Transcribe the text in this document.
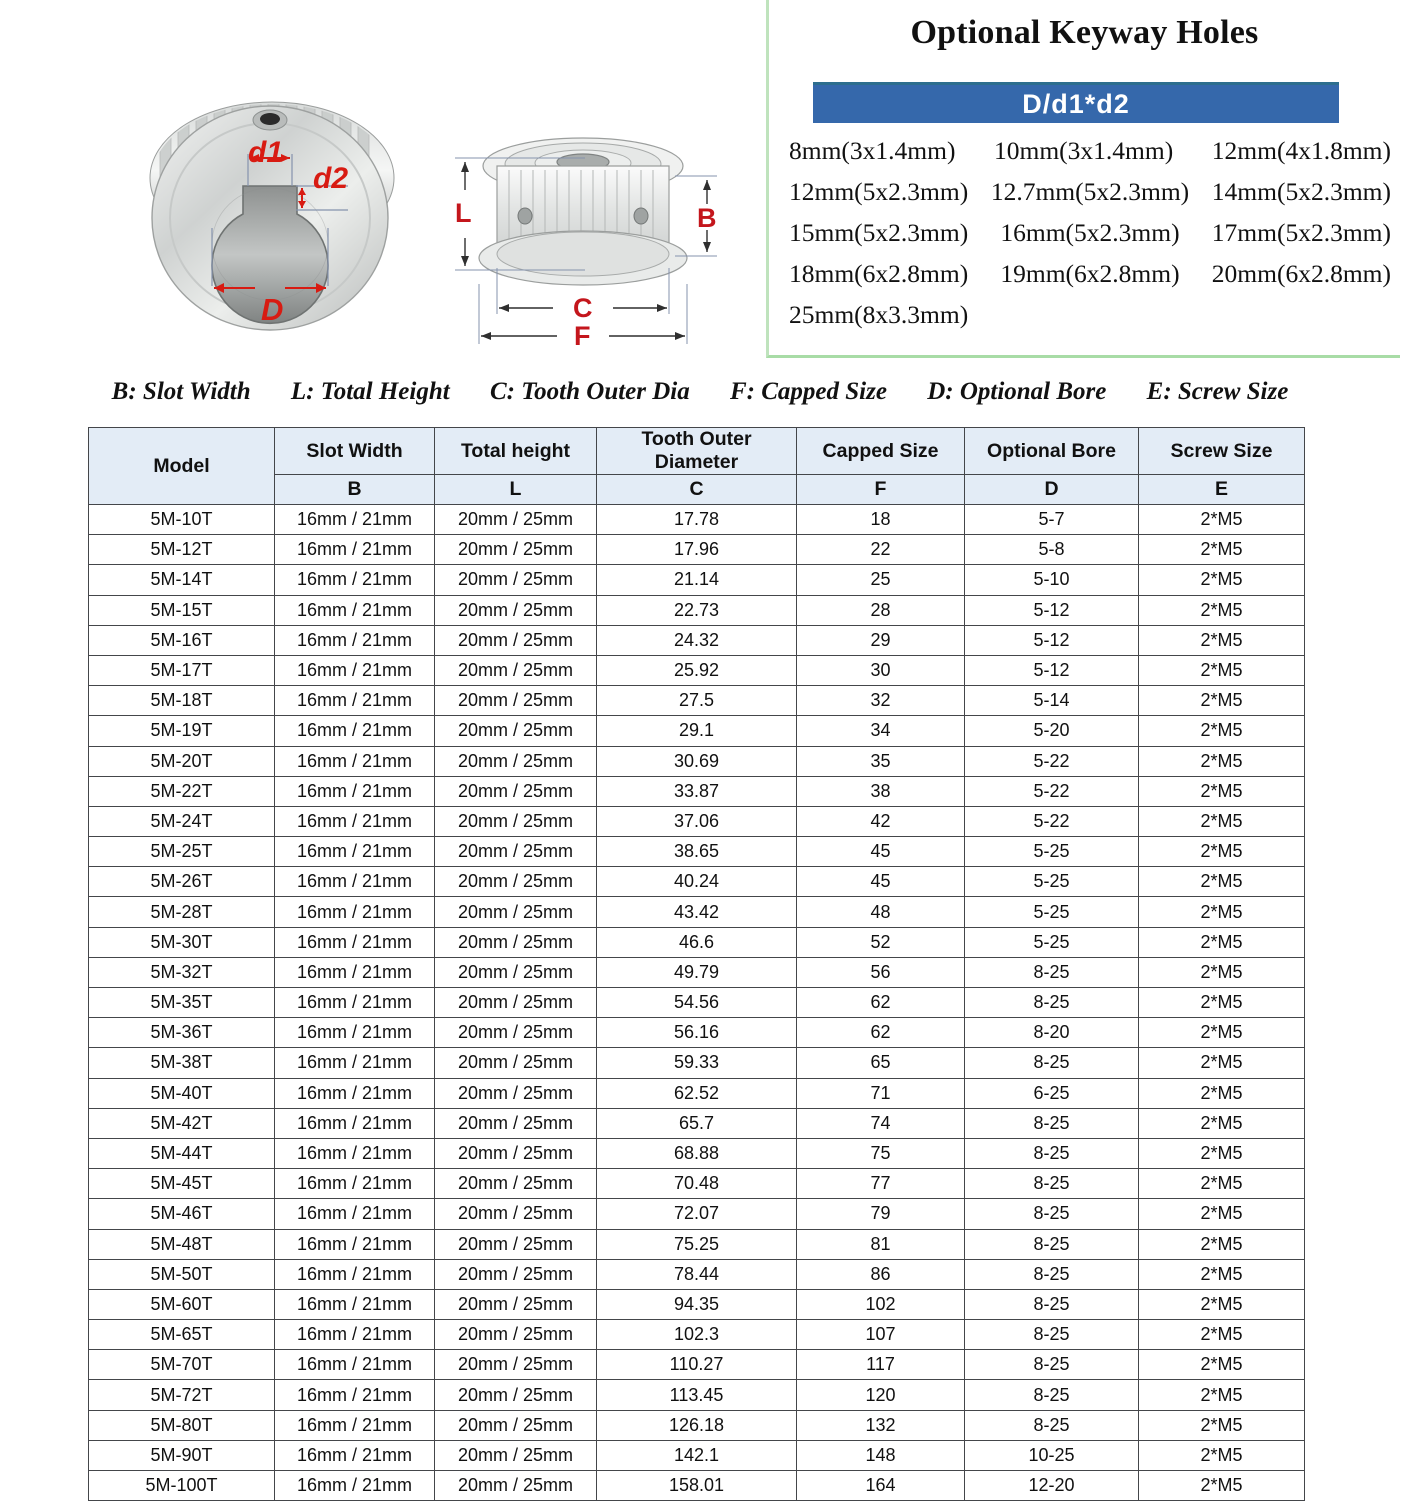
d1
d2
D
L	B
C
F
Optional Keyway Holes
D/d1*d2
8mm(3x1.4mm) 10mm(3x1.4mm) 12mm(4x1.8mm)
12mm(5x2.3mm) 12.7mm(5x2.3mm) 14mm(5x2.3mm)
15mm(5x2.3mm) 16mm(5x2.3mm) 17mm(5x2.3mm)
18mm(6x2.8mm) 19mm(6x2.8mm) 20mm(6x2.8mm)
25mm(8x3.3mm)
B: Slot Width L: Total Height C: Tooth Outer Dia F: Capped Size D: Optional Bore E: Screw Size
Model	Slot Width	Total height	Tooth Outer Diameter	Capped Size	Optional Bore	Screw Size
	B	L	C	F	D	E
5M-10T	16mm / 21mm	20mm / 25mm	17.78	18	5-7	2*M5
5M-12T	16mm / 21mm	20mm / 25mm	17.96	22	5-8	2*M5
5M-14T	16mm / 21mm	20mm / 25mm	21.14	25	5-10	2*M5
5M-15T	16mm / 21mm	20mm / 25mm	22.73	28	5-12	2*M5
5M-16T	16mm / 21mm	20mm / 25mm	24.32	29	5-12	2*M5
5M-17T	16mm / 21mm	20mm / 25mm	25.92	30	5-12	2*M5
5M-18T	16mm / 21mm	20mm / 25mm	27.5	32	5-14	2*M5
5M-19T	16mm / 21mm	20mm / 25mm	29.1	34	5-20	2*M5
5M-20T	16mm / 21mm	20mm / 25mm	30.69	35	5-22	2*M5
5M-22T	16mm / 21mm	20mm / 25mm	33.87	38	5-22	2*M5
5M-24T	16mm / 21mm	20mm / 25mm	37.06	42	5-22	2*M5
5M-25T	16mm / 21mm	20mm / 25mm	38.65	45	5-25	2*M5
5M-26T	16mm / 21mm	20mm / 25mm	40.24	45	5-25	2*M5
5M-28T	16mm / 21mm	20mm / 25mm	43.42	48	5-25	2*M5
5M-30T	16mm / 21mm	20mm / 25mm	46.6	52	5-25	2*M5
5M-32T	16mm / 21mm	20mm / 25mm	49.79	56	8-25	2*M5
5M-35T	16mm / 21mm	20mm / 25mm	54.56	62	8-25	2*M5
5M-36T	16mm / 21mm	20mm / 25mm	56.16	62	8-20	2*M5
5M-38T	16mm / 21mm	20mm / 25mm	59.33	65	8-25	2*M5
5M-40T	16mm / 21mm	20mm / 25mm	62.52	71	6-25	2*M5
5M-42T	16mm / 21mm	20mm / 25mm	65.7	74	8-25	2*M5
5M-44T	16mm / 21mm	20mm / 25mm	68.88	75	8-25	2*M5
5M-45T	16mm / 21mm	20mm / 25mm	70.48	77	8-25	2*M5
5M-46T	16mm / 21mm	20mm / 25mm	72.07	79	8-25	2*M5
5M-48T	16mm / 21mm	20mm / 25mm	75.25	81	8-25	2*M5
5M-50T	16mm / 21mm	20mm / 25mm	78.44	86	8-25	2*M5
5M-60T	16mm / 21mm	20mm / 25mm	94.35	102	8-25	2*M5
5M-65T	16mm / 21mm	20mm / 25mm	102.3	107	8-25	2*M5
5M-70T	16mm / 21mm	20mm / 25mm	110.27	117	8-25	2*M5
5M-72T	16mm / 21mm	20mm / 25mm	113.45	120	8-25	2*M5
5M-80T	16mm / 21mm	20mm / 25mm	126.18	132	8-25	2*M5
5M-90T	16mm / 21mm	20mm / 25mm	142.1	148	10-25	2*M5
5M-100T	16mm / 21mm	20mm / 25mm	158.01	164	12-20	2*M5
